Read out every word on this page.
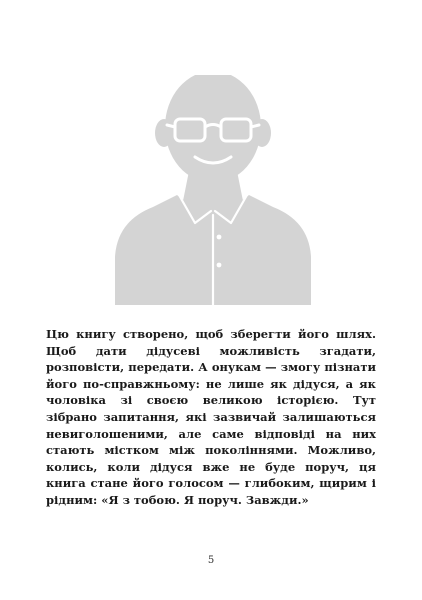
Цю книгу створено, щоб зберегти його шлях. Щоб дати дідусеві можливість згадати, розповісти, передати. А онукам — змогу пізнати його по-справжньому: не лише як дідуся, а як чоловіка зі своєю великою історією. Тут зібрано запитання, які зазвичай залишаються невиголошеними, але саме відповіді на них стають містком між поколіннями. Можливо, колись, коли дідуся вже не буде поруч, ця книга стане його голосом — глибоким, щирим і рідним: «Я з тобою. Я поруч. Завжди.»

5
